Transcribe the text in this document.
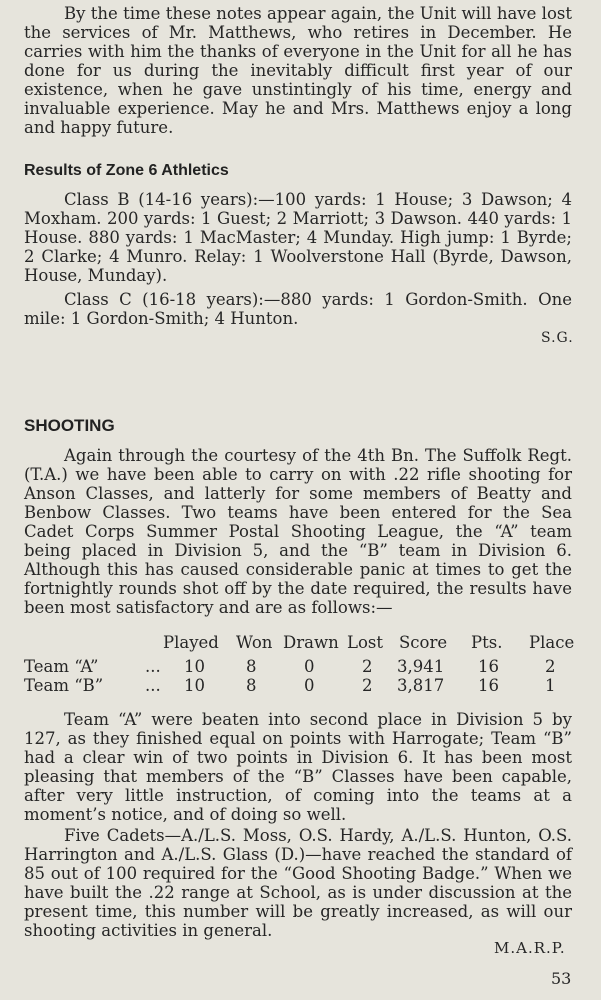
By the time these notes appear again, the Unit will have lost the services of Mr. Matthews, who retires in December. He carries with him the thanks of everyone in the Unit for all he has done for us during the inevitably difficult first year of our existence, when he gave unstintingly of his time, energy and invaluable experience. May he and Mrs. Matthews enjoy a long and happy future.

Results of Zone 6 Athletics

Class B (14-16 years):—100 yards: 1 House; 3 Dawson; 4 Moxham. 200 yards: 1 Guest; 2 Marriott; 3 Dawson. 440 yards: 1 House. 880 yards: 1 MacMaster; 4 Munday. High jump: 1 Byrde; 2 Clarke; 4 Munro. Relay: 1 Woolverstone Hall (Byrde, Dawson, House, Munday).

Class C (16-18 years):—880 yards: 1 Gordon-Smith. One mile: 1 Gordon-Smith; 4 Hunton.

S.G.
SHOOTING

Again through the courtesy of the 4th Bn. The Suffolk Regt. (T.A.) we have been able to carry on with .22 rifle shooting for Anson Classes, and latterly for some members of Beatty and Benbow Classes. Two teams have been entered for the Sea Cadet Corps Summer Postal Shooting League, the “A” team being placed in Division 5, and the “B” team in Division 6. Although this has caused considerable panic at times to get the fortnightly rounds shot off by the date required, the results have been most satisfactory and are as follows:—

Played Won Drawn Lost Score Pts. Place
Team “A”	... 10 8	0	2 3,941 16	2
Team “B”	... 10 8	0	2 3,817 16	1

Team “A” were beaten into second place in Division 5 by 127, as they finished equal on points with Harrogate; Team “B” had a clear win of two points in Division 6. It has been most pleasing that members of the “B” Classes have been capable, after very little instruction, of coming into the teams at a moment’s notice, and of doing so well.

Five Cadets—A./L.S. Moss, O.S. Hardy, A./L.S. Hunton, O.S. Harrington and A./L.S. Glass (D.)—have reached the standard of 85 out of 100 required for the “Good Shooting Badge.” When we have built the .22 range at School, as is under discussion at the present time, this number will be greatly increased, as will our shooting activities in general.

M.A.R.P.
53
